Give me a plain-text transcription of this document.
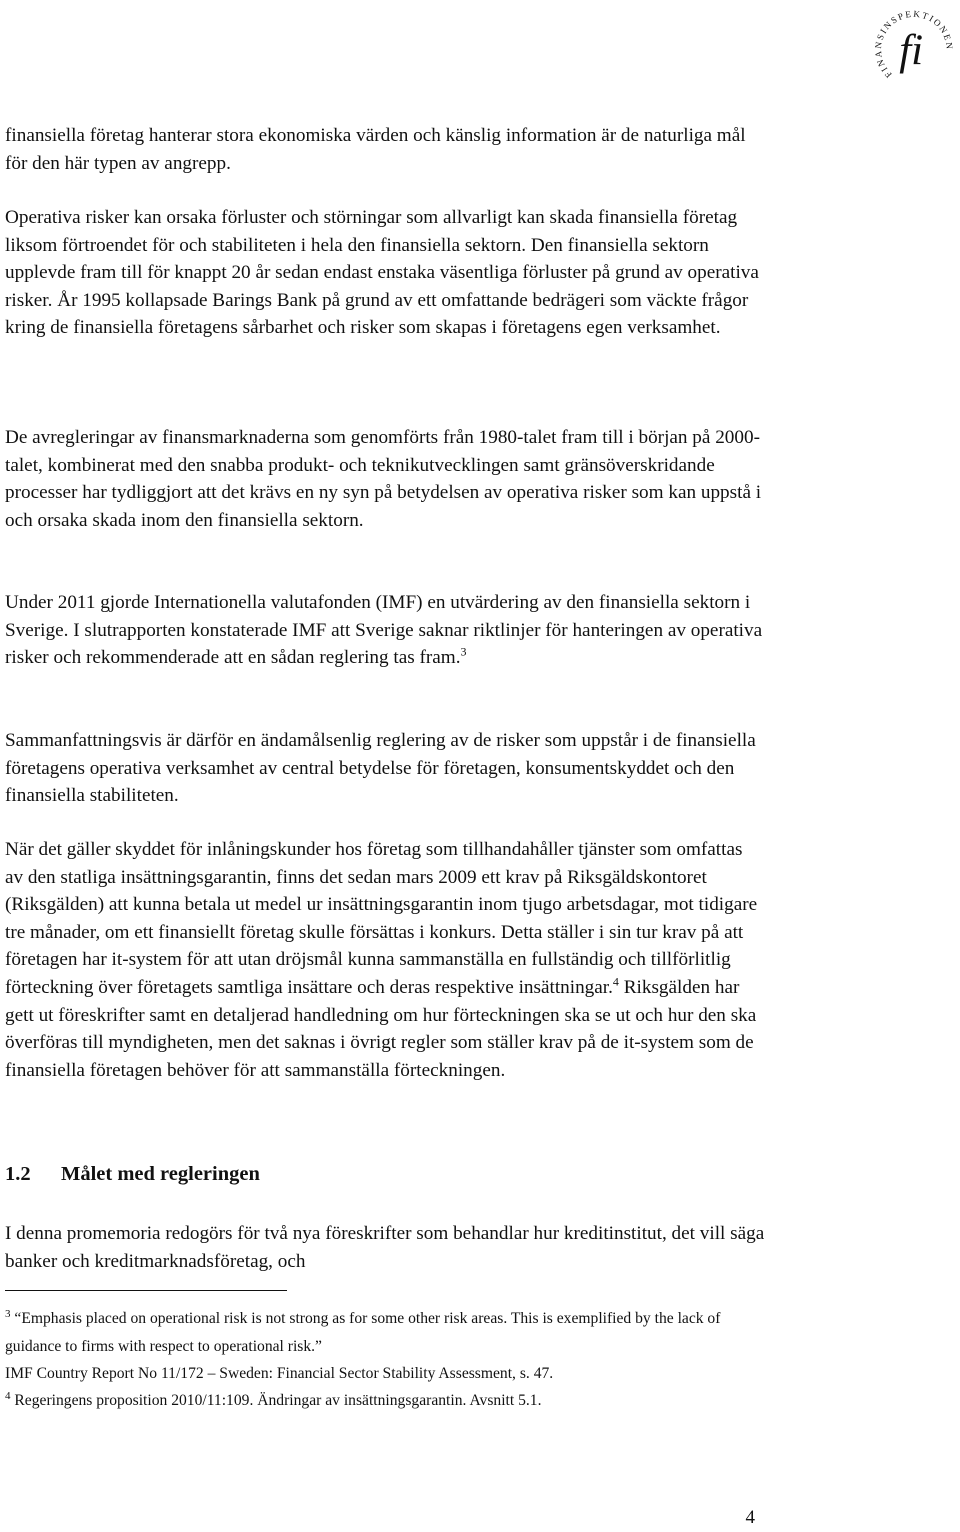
FINANSINSPEKTIONEN
fi

finansiella företag hanterar stora ekonomiska värden och känslig information är de naturliga mål för den här typen av angrepp.

Operativa risker kan orsaka förluster och störningar som allvarligt kan skada finansiella företag liksom förtroendet för och stabiliteten i hela den finansiella sektorn. Den finansiella sektorn upplevde fram till för knappt 20 år sedan endast enstaka väsentliga förluster på grund av operativa risker. År 1995 kollapsade Barings Bank på grund av ett omfattande bedrägeri som väckte frågor kring de finansiella företagens sårbarhet och risker som skapas i företagens egen verksamhet.

De avregleringar av finansmarknaderna som genomförts från 1980-talet fram till i början på 2000-talet, kombinerat med den snabba produkt- och teknikutvecklingen samt gränsöverskridande processer har tydliggjort att det krävs en ny syn på betydelsen av operativa risker som kan uppstå i och orsaka skada inom den finansiella sektorn.

Under 2011 gjorde Internationella valutafonden (IMF) en utvärdering av den finansiella sektorn i Sverige. I slutrapporten konstaterade IMF att Sverige saknar riktlinjer för hanteringen av operativa risker och rekommenderade att en sådan reglering tas fram.$^3$

Sammanfattningsvis är därför en ändamålsenlig reglering av de risker som uppstår i de finansiella företagens operativa verksamhet av central betydelse för företagen, konsumentskyddet och den finansiella stabiliteten.

När det gäller skyddet för inlåningskunder hos företag som tillhandahåller tjänster som omfattas av den statliga insättningsgarantin, finns det sedan mars 2009 ett krav på Riksgäldskontoret (Riksgälden) att kunna betala ut medel ur insättningsgarantin inom tjugo arbetsdagar, mot tidigare tre månader, om ett finansiellt företag skulle försättas i konkurs. Detta ställer i sin tur krav på att företagen har it-system för att utan dröjsmål kunna sammanställa en fullständig och tillförlitlig förteckning över företagets samtliga insättare och deras respektive insättningar.$^4$ Riksgälden har gett ut föreskrifter samt en detaljerad handledning om hur förteckningen ska se ut och hur den ska överföras till myndigheten, men det saknas i övrigt regler som ställer krav på de it-system som de finansiella företagen behöver för att sammanställa förteckningen.

1.2 Målet med regleringen

I denna promemoria redogörs för två nya föreskrifter som behandlar hur kreditinstitut, det vill säga banker och kreditmarknadsföretag, och

$^3$ “Emphasis placed on operational risk is not strong as for some other risk areas. This is exemplified by the lack of guidance to firms with respect to operational risk.”

IMF Country Report No 11/172 – Sweden: Financial Sector Stability Assessment, s. 47.

$^4$ Regeringens proposition 2010/11:109. Ändringar av insättningsgarantin. Avsnitt 5.1.

4
